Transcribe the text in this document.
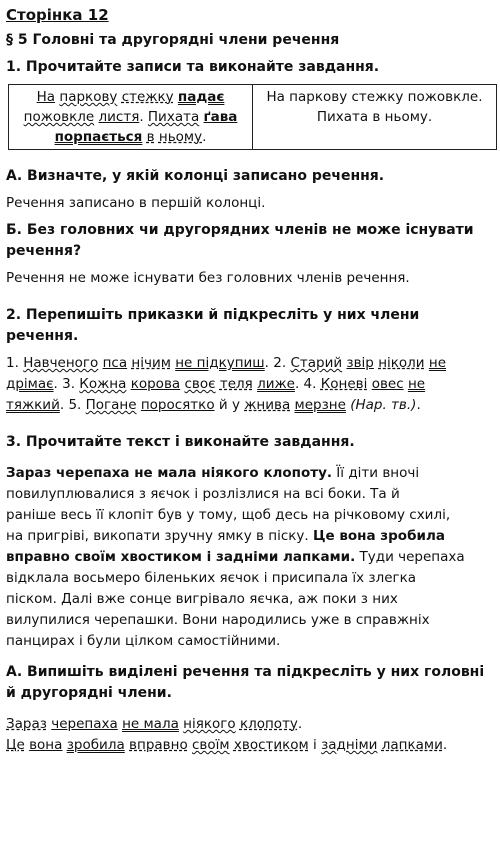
Сторінка 12
§ 5 Головні та другорядні члени речення
1. Прочитайте записи та виконайте завдання.
На паркову стежку падає
пожовкле листя. Пихата ґава
порпається в ньому.	На паркову стежку пожовкле.
Пихата в ньому.
А. Визначте, у якій колонці записано речення.
Речення записано в першій колонці.
Б. Без головних чи другорядних членів не може існувати
речення?
Речення не може існувати без головних членів речення.
2. Перепишіть приказки й підкресліть у них члени речення.
1. Навченого пса нічим не підкупиш. 2. Старий звір ніколи не
дрімає. 3. Кожна корова своє теля лиже. 4. Коневі овес не
тяжкий. 5. Погане поросятко й у жнива мерзне (Нар. тв.).
3. Прочитайте текст і виконайте завдання.
Зараз черепаха не мала ніякого клопоту. Її діти вночі
повилуплювалися з яєчок і розлізлися на всі боки. Та й
раніше весь її клопіт був у тому, щоб десь на річковому схилі,
на пригріві, викопати зручну ямку в піску. Це вона зробила
вправно своїм хвостиком і задніми лапками. Туди черепаха
відклала восьмеро біленьких яєчок і присипала їх злегка
піском. Далі вже сонце вигрівало яєчка, аж поки з них
вилупилися черепашки. Вони народились уже в справжніх
панцирах і були цілком самостійними.
А. Випишіть виділені речення та підкресліть у них головні
й другорядні члени.
Зараз черепаха не мала ніякого клопоту.
Це вона зробила вправно своїм хвостиком і задніми лапками.
